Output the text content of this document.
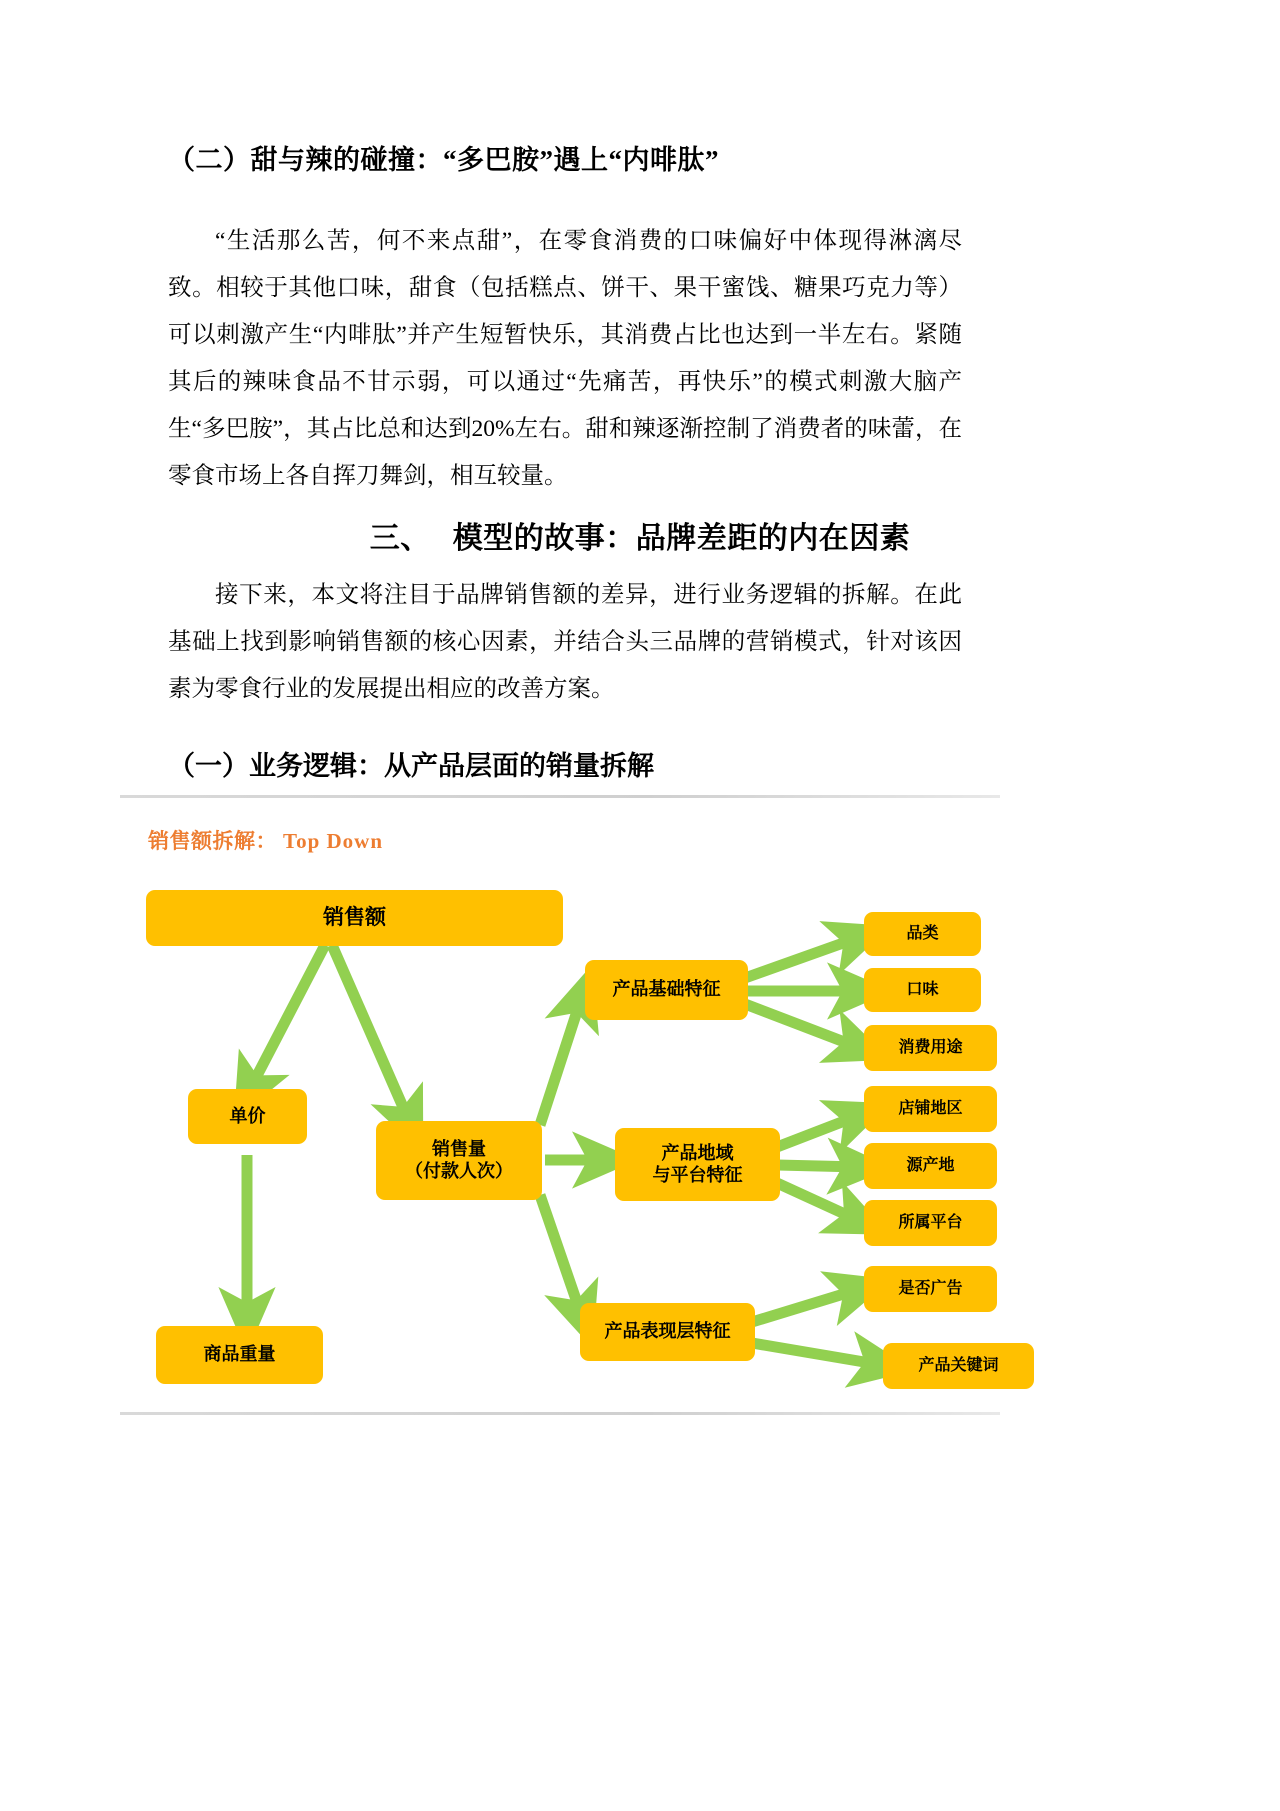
（二）甜与辣的碰撞：“多巴胺”遇上“内啡肽”
“生活那么苦，何不来点甜”，在零食消费的口味偏好中体现得淋漓尽致。相较于其他口味，甜食（包括糕点、饼干、果干蜜饯、糖果巧克力等）可以刺激产生“内啡肽”并产生短暂快乐，其消费占比也达到一半左右。紧随其后的辣味食品不甘示弱，可以通过“先痛苦，再快乐”的模式刺激大脑产生“多巴胺”，其占比总和达到20%左右。甜和辣逐渐控制了消费者的味蕾，在零食市场上各自挥刀舞剑，相互较量。
三、 模型的故事：品牌差距的内在因素
接下来，本文将注目于品牌销售额的差异，进行业务逻辑的拆解。在此基础上找到影响销售额的核心因素，并结合头三品牌的营销模式，针对该因素为零食行业的发展提出相应的改善方案。
（一）业务逻辑：从产品层面的销量拆解
销售额拆解： Top Down
销售额
单价
商品重量
销售量
（付款人次）
产品基础特征
产品地域
与平台特征
产品表现层特征
品类
口味
消费用途
店铺地区
源产地
所属平台
是否广告
产品关键词
